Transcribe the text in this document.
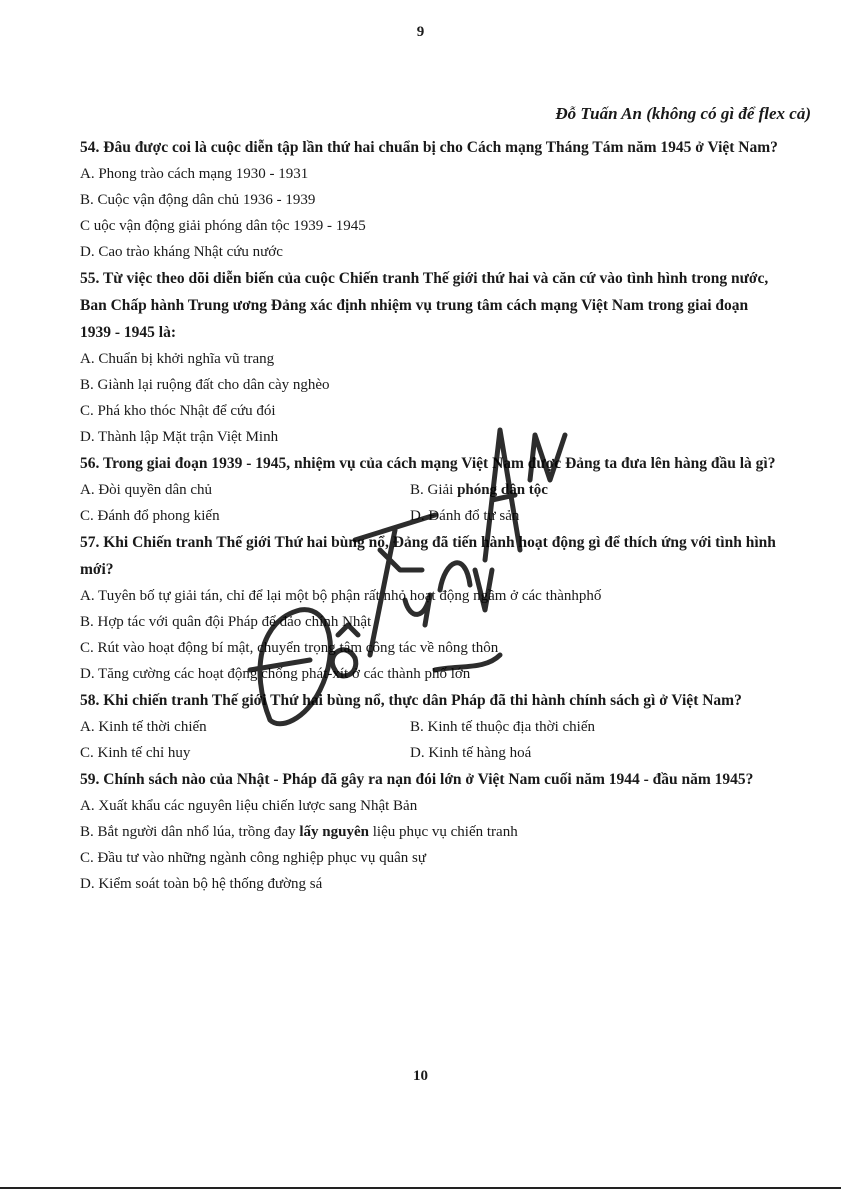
9
Đỗ Tuấn An (không có gì để flex cả)
54. Đâu được coi là cuộc diễn tập lần thứ hai chuẩn bị cho Cách mạng Tháng Tám năm 1945 ở Việt Nam?
A. Phong trào cách mạng 1930 - 1931
B. Cuộc vận động dân chủ 1936 - 1939
C uộc vận động giải phóng dân tộc 1939 - 1945
D. Cao trào kháng Nhật cứu nước
55. Từ việc theo dõi diễn biến của cuộc Chiến tranh Thế giới thứ hai và căn cứ vào tình hình trong nước, Ban Chấp hành Trung ương Đảng xác định nhiệm vụ trung tâm cách mạng Việt Nam trong giai đoạn 1939 - 1945 là:
A. Chuẩn bị khởi nghĩa vũ trang
B. Giành lại ruộng đất cho dân cày nghèo
C. Phá kho thóc Nhật để cứu đói
D. Thành lập Mặt trận Việt Minh
56. Trong giai đoạn 1939 - 1945, nhiệm vụ của cách mạng Việt Nam được Đảng ta đưa lên hàng đầu là gì?
A. Đòi quyền dân chủ	B. Giải phóng dân tộc
C. Đánh đổ phong kiến	D. Đánh đổ tư sản
57. Khi Chiến tranh Thế giới Thứ hai bùng nổ, Đảng đã tiến hành hoạt động gì để thích ứng với tình hình mới?
A. Tuyên bố tự giải tán, chỉ để lại một bộ phận rất nhỏ hoạt động ngầm ở các thànhphố
B. Hợp tác với quân đội Pháp để đảo chính Nhật
C. Rút vào hoạt động bí mật, chuyển trọng tâm công tác về nông thôn
D. Tăng cường các hoạt động chống phát-xít ở các thành phố lớn
58. Khi chiến tranh Thế giới Thứ hai bùng nổ, thực dân Pháp đã thi hành chính sách gì ở Việt Nam?
A. Kinh tế thời chiến	B. Kinh tế thuộc địa thời chiến
C. Kinh tế chỉ huy	D. Kinh tế hàng hoá
59. Chính sách nào của Nhật - Pháp đã gây ra nạn đói lớn ở Việt Nam cuối năm 1944 - đầu năm 1945?
A. Xuất khẩu các nguyên liệu chiến lược sang Nhật Bản
B. Bắt người dân nhổ lúa, trồng đay lấy nguyên liệu phục vụ chiến tranh
C. Đầu tư vào những ngành công nghiệp phục vụ quân sự
D. Kiểm soát toàn bộ hệ thống đường sá
10
